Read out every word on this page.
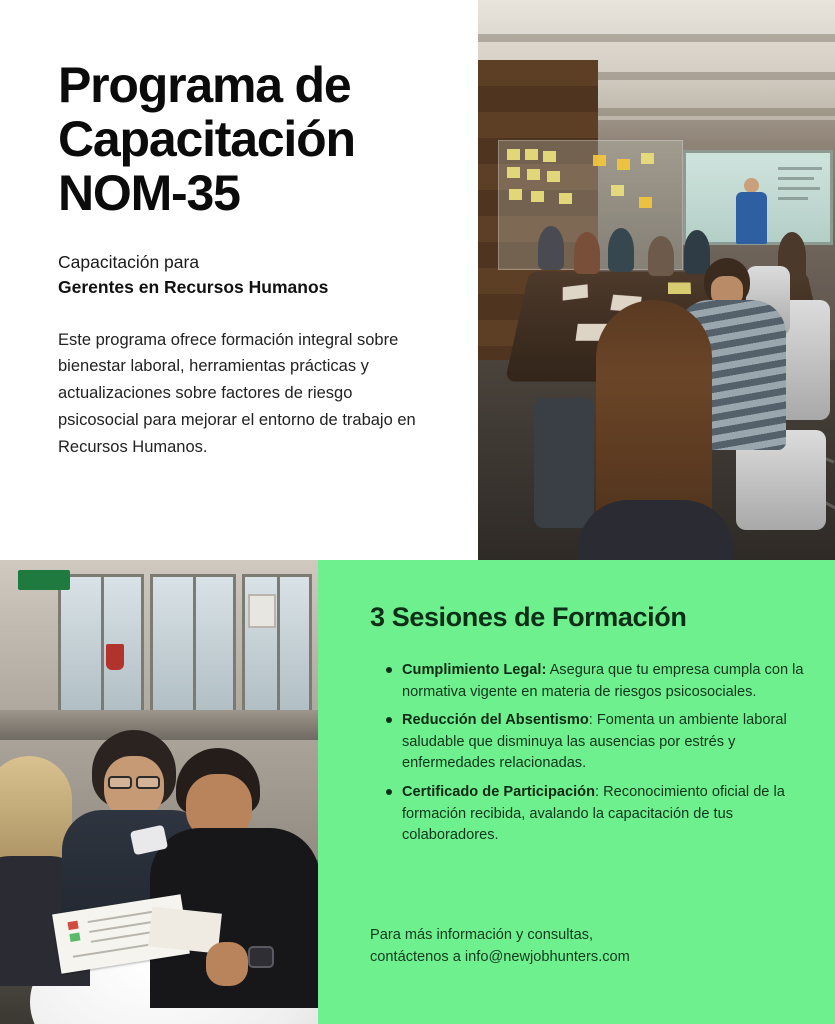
Programa de
Capacitación
NOM-35

Capacitación para

Gerentes en Recursos Humanos

Este programa ofrece formación integral sobre bienestar laboral, herramientas prácticas y actualizaciones sobre factores de riesgo psicosocial para mejorar el entorno de trabajo en Recursos Humanos.

3 Sesiones de Formación
Cumplimiento Legal: Asegura que tu empresa cumpla con la normativa vigente en materia de riesgos psicosociales.
Reducción del Absentismo: Fomenta un ambiente laboral saludable que disminuya las ausencias por estrés y enfermedades relacionadas.
Certificado de Participación: Reconocimiento oficial de la formación recibida, avalando la capacitación de tus colaboradores.
Para más información y consultas,
contáctenos a info@newjobhunters.com
